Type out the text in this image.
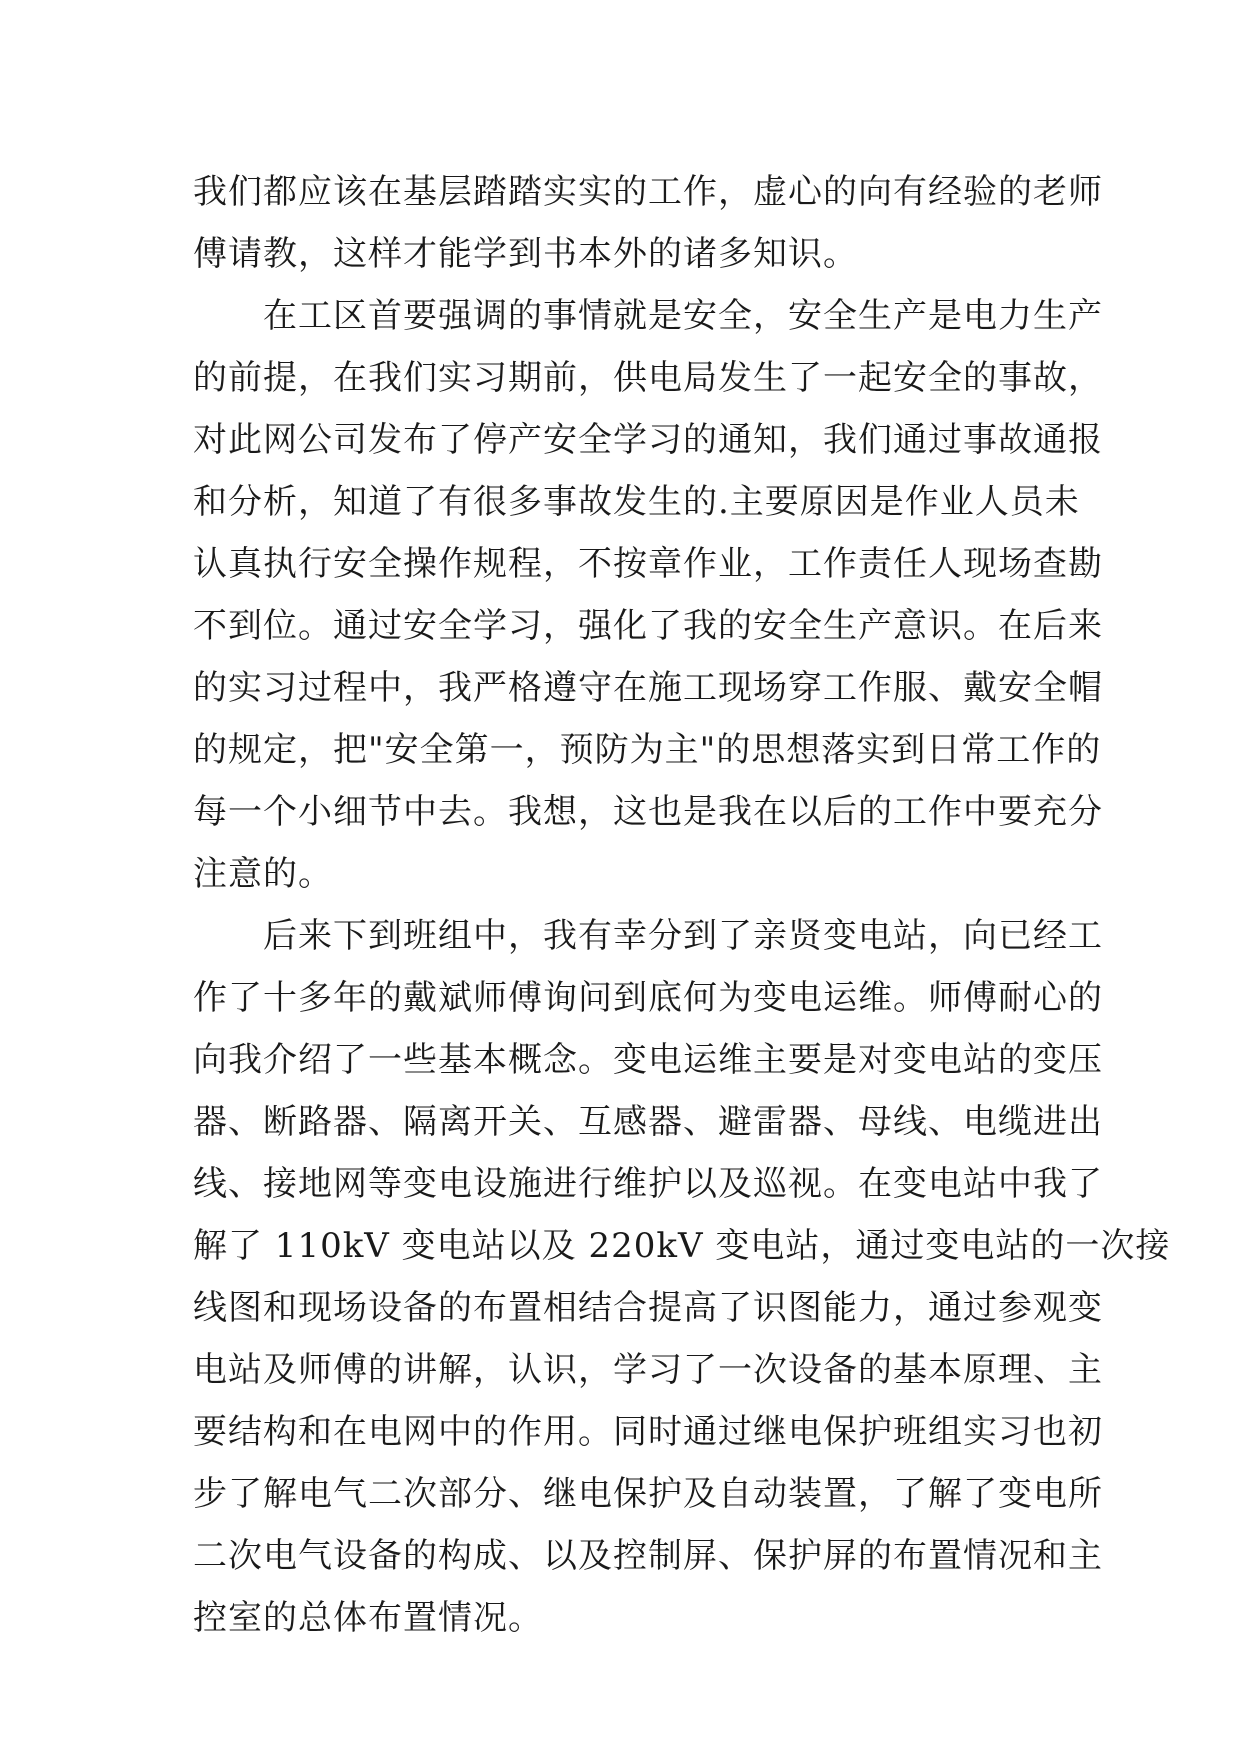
我们都应该在基层踏踏实实的工作，虚心的向有经验的老师
傅请教，这样才能学到书本外的诸多知识。
　　在工区首要强调的事情就是安全，安全生产是电力生产
的前提，在我们实习期前，供电局发生了一起安全的事故，
对此网公司发布了停产安全学习的通知，我们通过事故通报
和分析，知道了有很多事故发生的.主要原因是作业人员未
认真执行安全操作规程，不按章作业，工作责任人现场查勘
不到位。通过安全学习，强化了我的安全生产意识。在后来
的实习过程中，我严格遵守在施工现场穿工作服、戴安全帽
的规定，把"安全第一，预防为主"的思想落实到日常工作的
每一个小细节中去。我想，这也是我在以后的工作中要充分
注意的。
　　后来下到班组中，我有幸分到了亲贤变电站，向已经工
作了十多年的戴斌师傅询问到底何为变电运维。师傅耐心的
向我介绍了一些基本概念。变电运维主要是对变电站的变压
器、断路器、隔离开关、互感器、避雷器、母线、电缆进出
线、接地网等变电设施进行维护以及巡视。在变电站中我了
解了 110kV 变电站以及 220kV 变电站，通过变电站的一次接
线图和现场设备的布置相结合提高了识图能力，通过参观变
电站及师傅的讲解，认识，学习了一次设备的基本原理、主
要结构和在电网中的作用。同时通过继电保护班组实习也初
步了解电气二次部分、继电保护及自动装置，了解了变电所
二次电气设备的构成、以及控制屏、保护屏的布置情况和主
控室的总体布置情况。
